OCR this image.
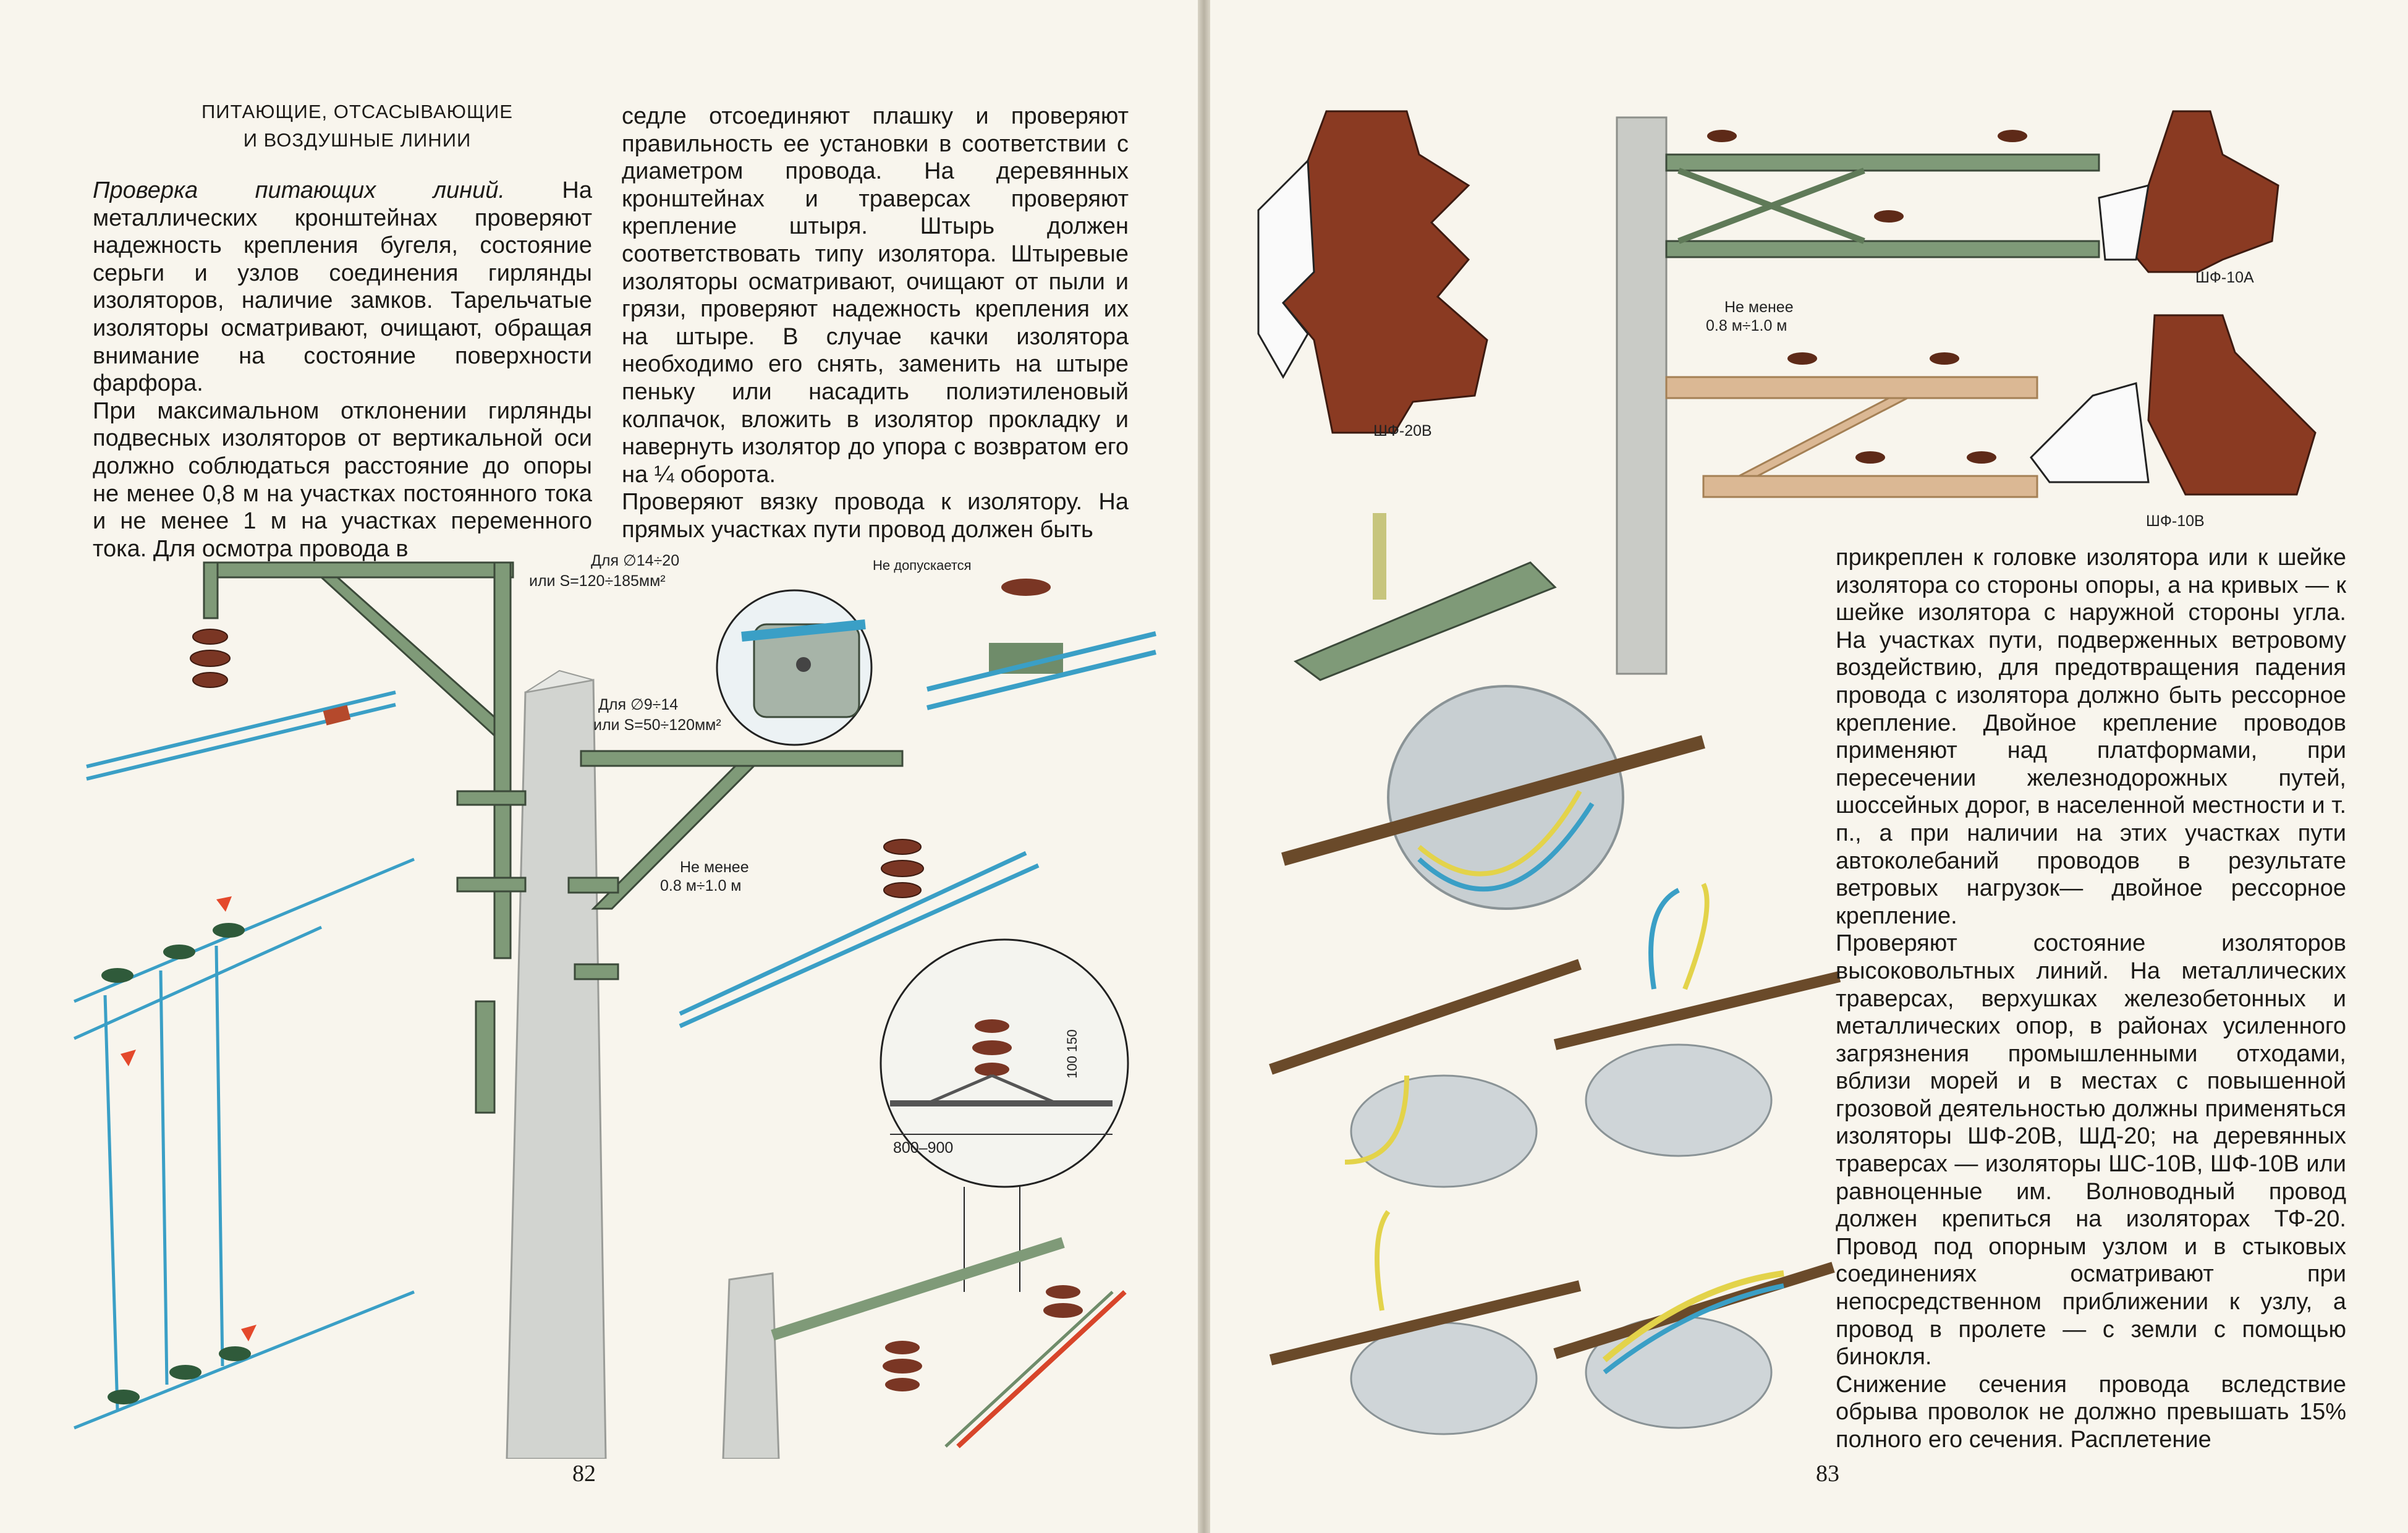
ПИТАЮЩИЕ, ОТСАСЫВАЮЩИЕ
И ВОЗДУШНЫЕ ЛИНИИ

Проверка питающих линий. На металлических кронштейнах проверяют надежность крепления бугеля, состояние серьги и узлов соединения гирлянды изоляторов, наличие замков. Тарельчатые изоляторы осматривают, очищают, обращая внимание на состояние поверхности фарфора.

При максимальном отклонении гирлянды подвесных изоляторов от вертикальной оси должно соблюдаться расстояние до опоры не менее 0,8 м на участках постоянного тока и не менее 1 м на участках переменного тока. Для осмотра провода в

седле отсоединяют плашку и проверяют правильность ее установки в соответствии с диаметром провода. На деревянных кронштейнах и траверсах проверяют крепление штыря. Штырь должен соответствовать типу изолятора. Штыревые изоляторы осматривают, очищают от пыли и грязи, проверяют надежность крепления их на штыре. В случае качки изолятора необходимо его снять, заменить на штыре пеньку или насадить полиэтиленовый колпачок, вложить в изолятор прокладку и навернуть изолятор до упора с возвратом его на ¼ оборота.

Проверяют вязку провода к изолятору. На прямых участках пути провод должен быть

82
Для ∅14÷20
или S=120÷185мм²
Для ∅9÷14
или S=50÷120мм²
Не допускается
Не менее
0.8 м÷1.0 м
100 150
800–900
ШФ-20В
ШФ-10А
ШФ-10В
Не менее
0.8 м÷1.0 м

прикреплен к головке изолятора или к шейке изолятора со стороны опоры, а на кривых — к шейке изолятора с наружной стороны угла. На участках пути, подверженных ветровому воздействию, для предотвращения падения провода с изолятора должно быть рессорное крепление. Двойное крепление проводов применяют над платформами, при пересечении железнодорожных путей, шоссейных дорог, в населенной местности и т. п., а при наличии на этих участках пути автоколебаний проводов в результате ветровых нагрузок— двойное рессорное крепление.

Проверяют состояние изоляторов высоковольтных линий. На металлических траверсах, верхушках железобетонных и металлических опор, в районах усиленного загрязнения промышленными отходами, вблизи морей и в местах с повышенной грозовой деятельностью должны применяться изоляторы ШФ-20В, ШД-20; на деревянных траверсах — изоляторы ШС-10В, ШФ-10В или равноценные им. Волноводный провод должен крепиться на изоляторах ТФ-20. Провод под опорным узлом и в стыковых соединениях осматривают при непосредственном приближении к узлу, а провод в пролете — с земли с помощью бинокля.

Снижение сечения провода вследствие обрыва проволок не должно превышать 15% полного его сечения. Расплетение

83
